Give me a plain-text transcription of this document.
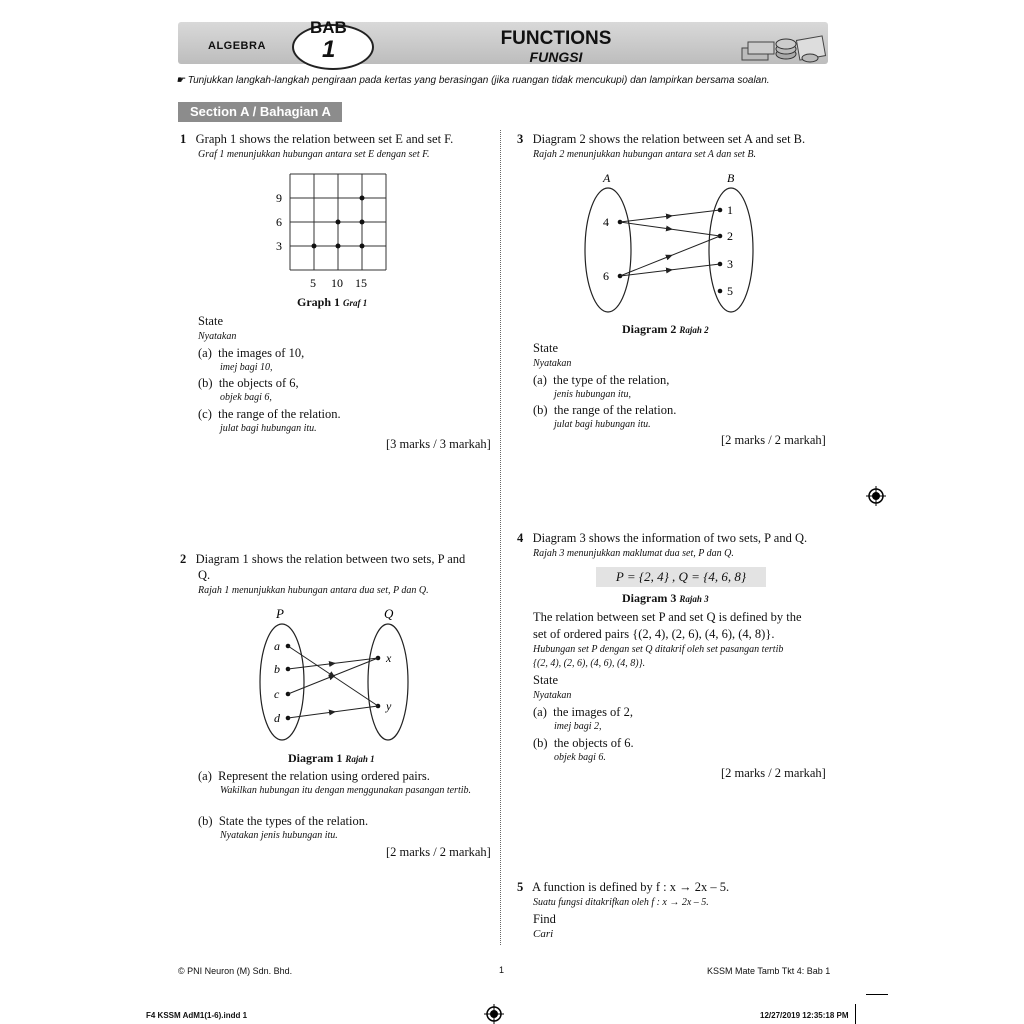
ALGEBRA
BAB
1	FUNCTIONS
FUNGSI
☛ Tunjukkan langkah-langkah pengiraan pada kertas yang berasingan (jika ruangan tidak mencukupi) dan lampirkan bersama soalan.
Section A / Bahagian A
1 Graph 1 shows the relation between set E and set F.
Graf 1 menunjukkan hubungan antara set E dengan set F.
9
6
3
5 10 15
Graph 1 Graf 1
State
Nyatakan
(a) the images of 10,
imej bagi 10,
(b) the objects of 6,
objek bagi 6,
(c) the range of the relation.
julat bagi hubungan itu.
[3 marks / 3 markah]
2 Diagram 1 shows the relation between two sets, P and
Q.
Rajah 1 menunjukkan hubungan antara dua set, P dan Q.
P	Q
a
b
c
d
x
y
Diagram 1 Rajah 1
(a) Represent the relation using ordered pairs.
Wakilkan hubungan itu dengan menggunakan pasangan tertib.
(b) State the types of the relation.
Nyatakan jenis hubungan itu.
[2 marks / 2 markah]
3 Diagram 2 shows the relation between set A and set B.
Rajah 2 menunjukkan hubungan antara set A dan set B.
A	B
4
6
1
2
3
5
Diagram 2 Rajah 2
State
Nyatakan
(a) the type of the relation,
jenis hubungan itu,
(b) the range of the relation.
julat bagi hubungan itu.
[2 marks / 2 markah]
4 Diagram 3 shows the information of two sets, P and Q.
Rajah 3 menunjukkan maklumat dua set, P dan Q.
P = {2, 4} , Q = {4, 6, 8}
Diagram 3 Rajah 3
The relation between set P and set Q is defined by the
set of ordered pairs {(2, 4), (2, 6), (4, 6), (4, 8)}.
Hubungan set P dengan set Q ditakrif oleh set pasangan tertib
{(2, 4), (2, 6), (4, 6), (4, 8)}.
State
Nyatakan
(a) the images of 2,
imej bagi 2,
(b) the objects of 6.
objek bagi 6.
[2 marks / 2 markah]
5 A function is defined by f : x → 2x – 5.
Suatu fungsi ditakrifkan oleh f : x → 2x – 5.
Find
Cari
© PNI Neuron (M) Sdn. Bhd.	1	KSSM Mate Tamb Tkt 4: Bab 1
F4 KSSM AdM1(1-6).indd 1	12/27/2019 12:35:18 PM
